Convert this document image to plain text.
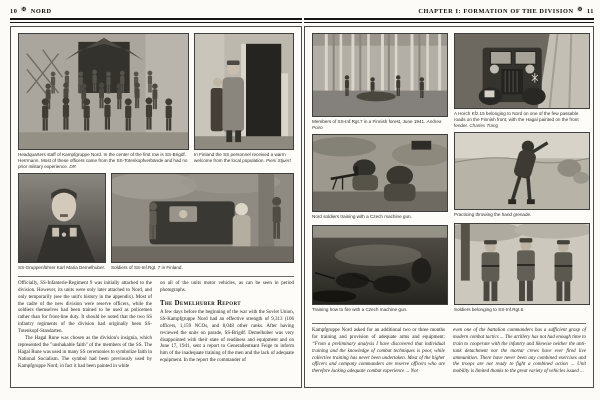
10 ✠ NORD
Headquarters staff of Kampfgruppe Nord. In the center of the first row is SS-Brigdf. Herrmann. Most of these officers came from the SS-Totenkopfverbände and had no prior military experience. DR
In Finland the SS personnel received a warm welcome from the local population. Pieni Stjuert
SS-Gruppenführer Karl Maria Demelhuber. Soldiers of SS-Inf.Rgt. 7 in Finland.

Officially, SS-Infanterie-Regiment 9 was initially attached to the division. However, its units were only later attached to Nord, and only temporarily (see the unit's history in the appendix). Most of the cadre of the new division were reserve officers, while the soldiers themselves had been trained to be used as policemen rather than for front-line duty. It should be noted that the two SS infantry regiments of the division had originally been SS-Totenkopf-Standarten.

The Hagal Rune was chosen as the division's insignia, which represented the "unshakable faith" of the members of the SS. The Hagal Rune was used in many SS ceremonies to symbolize faith in National Socialism. The symbol had been previously used by Kampfgruppe Nord; in fact it had been painted in white

on all of the units motor vehicles, as can be seen in period photographs.

The Demelhuber Report

A few days before the beginning of the war with the Soviet Union, SS-Kampfgruppe Nord had an effective strength of 9,313 (106 officers, 1,159 NCOs, and 8,048 other ranks. After having reviewed the units on parade, SS-Brigdf. Demelhuber was very disappointed with their state of readiness and equipment and on June 17, 1941, sent a report to Generalleutnant Feige to inform him of the inadequate training of the men and the lack of adequate equipment. In the report the commander of

CHAPTER I: FORMATION OF THE DIVISION ✠ 11
Members of SS-Inf.Rgt.7 in a Finnish forest, June 1941. Andrea Poiro
Nord soldiers training with a Czech machine gun.
Training how to fire with a Czech machine gun.
A Horch Kfz.15 belonging to Nord on one of the few passable roads on the Finnish front, with the Hagal painted on the front fender. Charles Trang
Practicing throwing the hand grenade.
Soldiers belonging to SS-Inf.Rgt.6.

Kampfgruppe Nord asked for an additional two or three months for training and provision of adequate arms and equipment: “From a preliminary analysis I have discovered that individual training and the knowledge of combat techniques is poor, while collective training has never been undertaken. Most of the higher officers and company commanders are reserve officers who are therefore lacking adequate combat experience ... Not

even one of the battalion commanders has a sufficient grasp of modern combat tactics ... The artillery has not had enough time to train to cooperate with the infantry and likewise neither the anti-tank detachment nor the mortar crews have ever fired live ammunition. There have never been any combined exercises and the troops are not ready to fight a combined action ... Unit mobility is limited thanks to the great variety of vehicles issued ...
